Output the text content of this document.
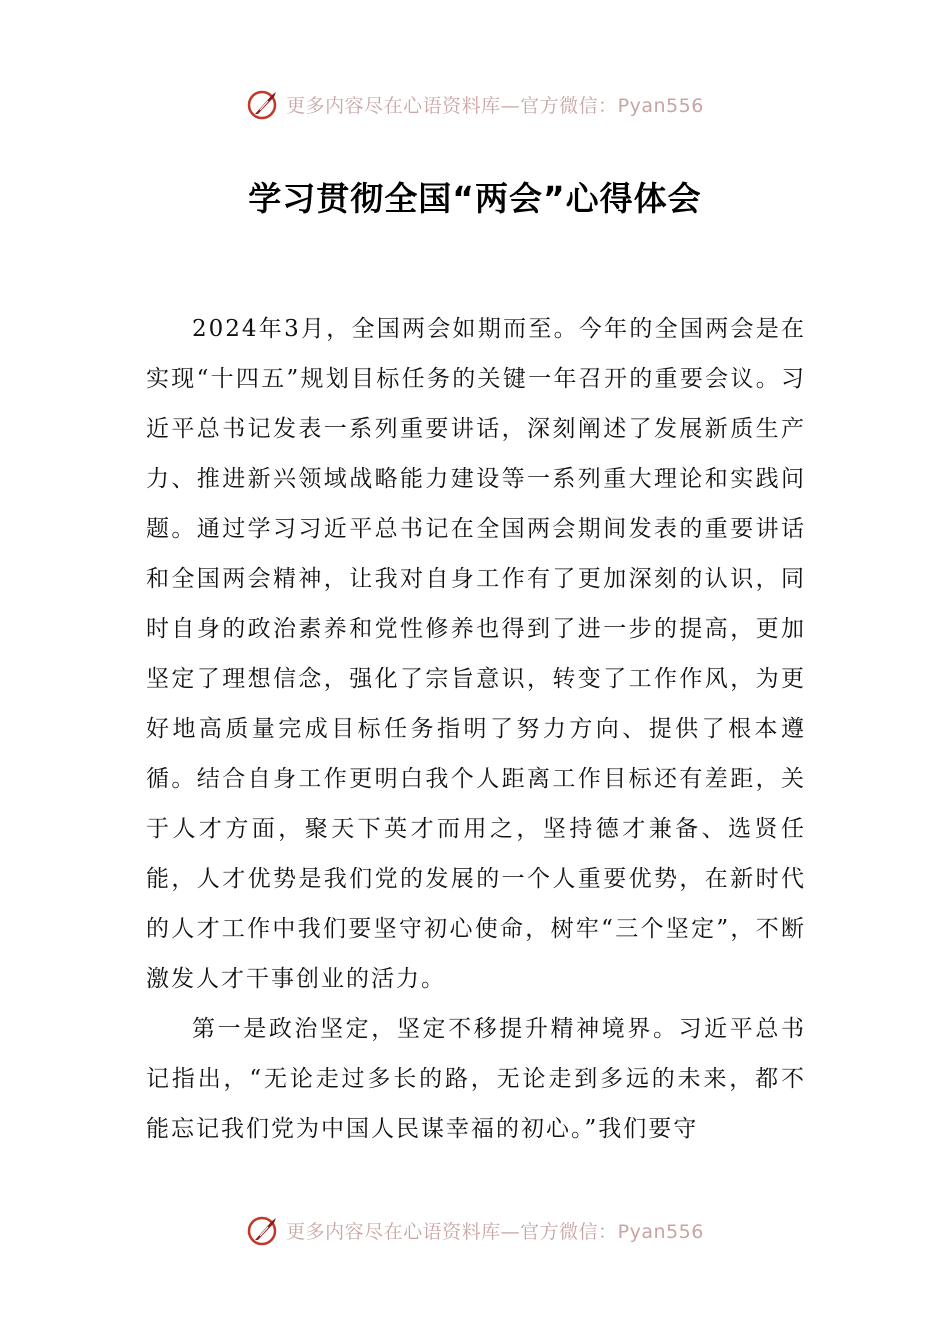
更多内容尽在心语资料库—官方微信：Pyan556
学习贯彻全国“两会”心得体会

2024年3月，全国两会如期而至。今年的全国两会是在实现“十四五”规划目标任务的关键一年召开的重要会议。习近平总书记发表一系列重要讲话，深刻阐述了发展新质生产力、推进新兴领域战略能力建设等一系列重大理论和实践问题。通过学习习近平总书记在全国两会期间发表的重要讲话和全国两会精神，让我对自身工作有了更加深刻的认识，同时自身的政治素养和党性修养也得到了进一步的提高，更加坚定了理想信念，强化了宗旨意识，转变了工作作风，为更好地高质量完成目标任务指明了努力方向、提供了根本遵循。结合自身工作更明白我个人距离工作目标还有差距，关于人才方面，聚天下英才而用之，坚持德才兼备、选贤任能，人才优势是我们党的发展的一个人重要优势，在新时代的人才工作中我们要坚守初心使命，树牢“三个坚定”，不断激发人才干事创业的活力。

第一是政治坚定，坚定不移提升精神境界。习近平总书记指出，“无论走过多长的路，无论走到多远的未来，都不能忘记我们党为中国人民谋幸福的初心。”我们要守

更多内容尽在心语资料库—官方微信：Pyan556
